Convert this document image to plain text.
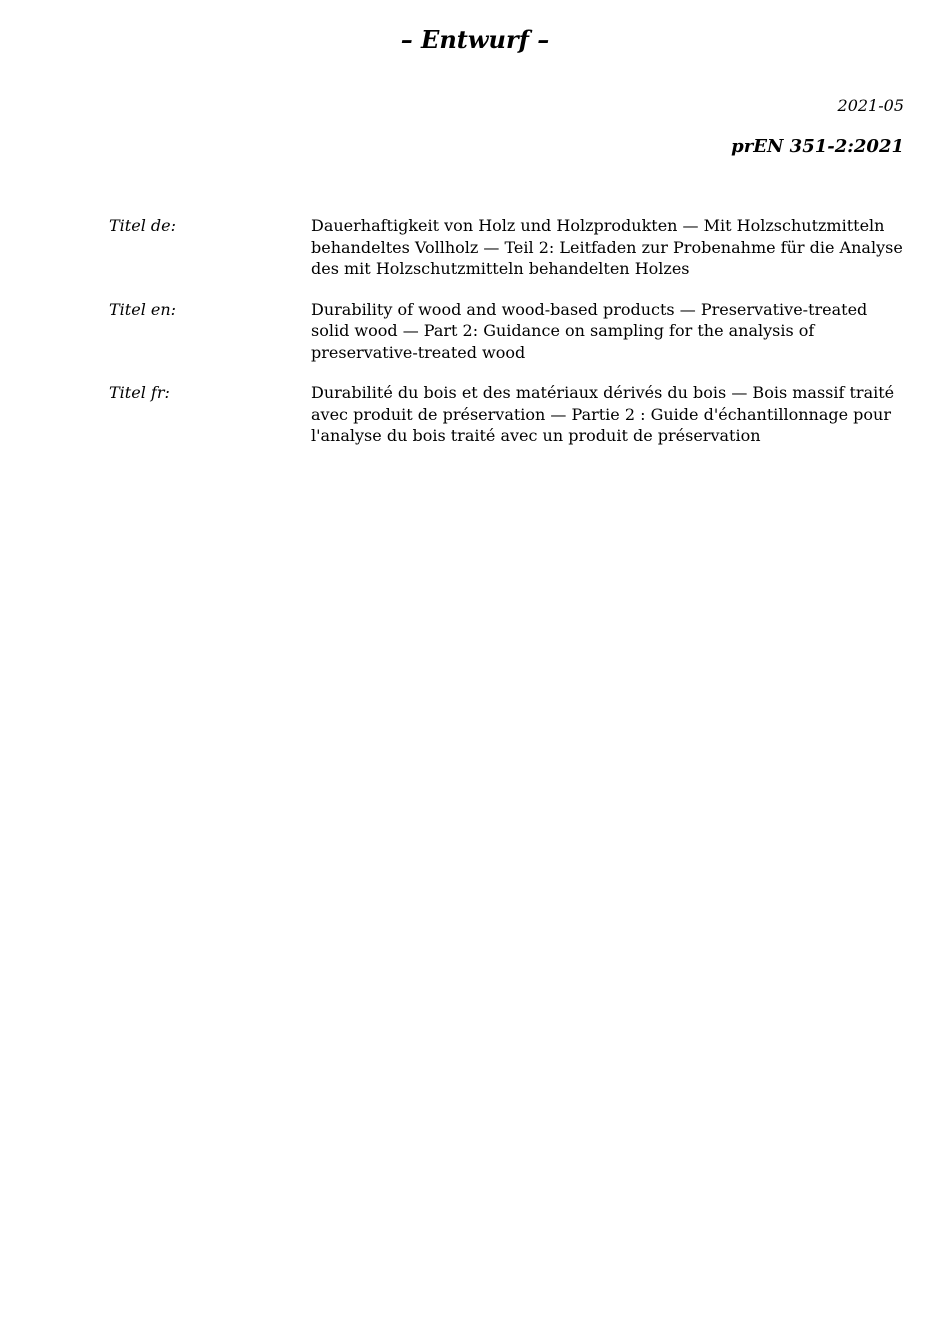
– Entwurf –
2021-05
prEN 351-2:2021
Titel de:	Dauerhaftigkeit von Holz und Holzprodukten — Mit Holzschutzmitteln behandeltes Vollholz — Teil 2: Leitfaden zur Probenahme für die Analyse des mit Holzschutzmitteln behandelten Holzes
Titel en:	Durability of wood and wood-based products — Preservative-treated solid wood — Part 2: Guidance on sampling for the analysis of preservative-treated wood
Titel fr:	Durabilité du bois et des matériaux dérivés du bois — Bois massif traité avec produit de préservation — Partie 2 : Guide d'échantillonnage pour l'analyse du bois traité avec un produit de préservation
